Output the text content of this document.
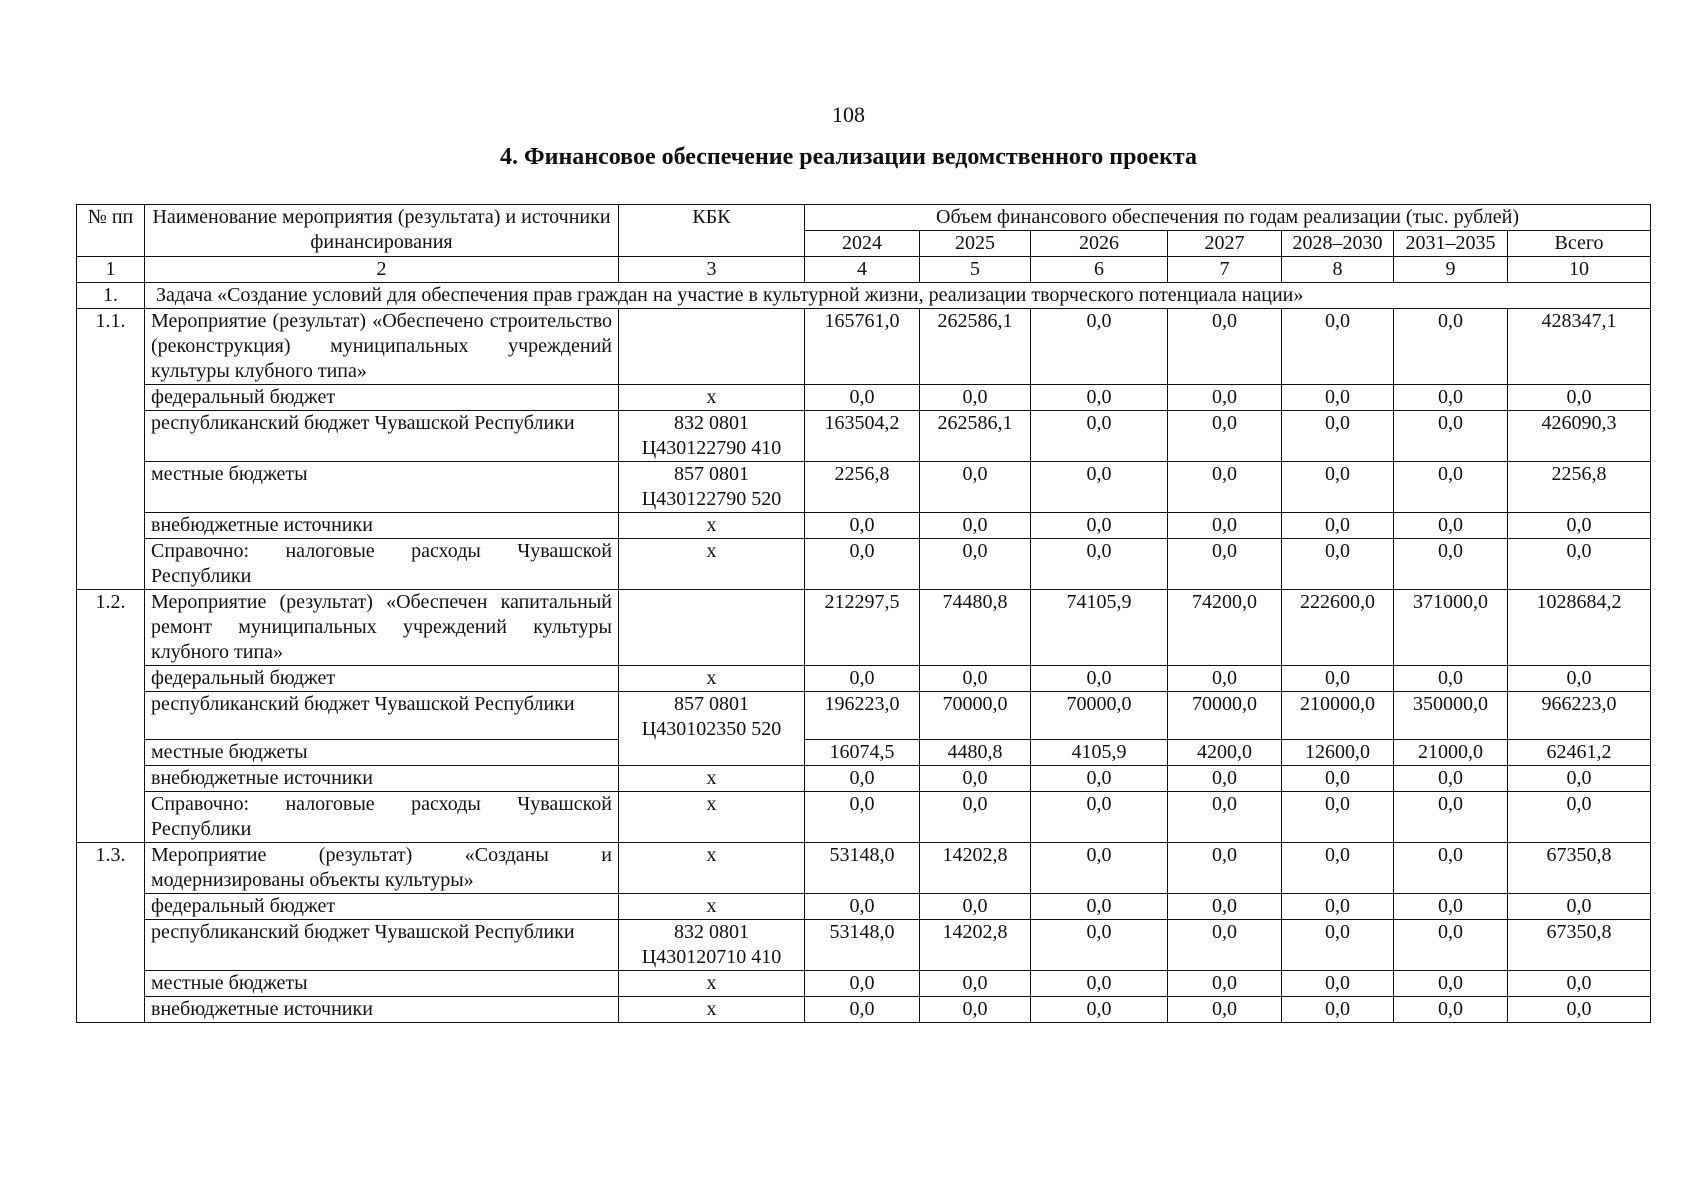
108
4. Финансовое обеспечение реализации ведомственного проекта
№ пп	Наименование мероприятия (результата) и источники финансирования	КБК	Объем финансового обеспечения по годам реализации (тыс. рублей)						
			2024	2025	2026	2027	2028–2030	2031–2035	Всего
1	2	3	4	5	6	7	8	9	10
1.	Задача «Создание условий для обеспечения прав граждан на участие в культурной жизни, реализации творческого потенциала нации»								
1.1.	Мероприятие (результат) «Обеспечено строительство (реконструкция) муниципальных учреждений культуры клубного типа»		165761,0	262586,1	0,0	0,0	0,0	0,0	428347,1
	федеральный бюджет	x	0,0	0,0	0,0	0,0	0,0	0,0	0,0
	республиканский бюджет Чувашской Республики	832 0801 Ц430122790 410	163504,2	262586,1	0,0	0,0	0,0	0,0	426090,3
	местные бюджеты	857 0801 Ц430122790 520	2256,8	0,0	0,0	0,0	0,0	0,0	2256,8
	внебюджетные источники	x	0,0	0,0	0,0	0,0	0,0	0,0	0,0
	Справочно: налоговые расходы Чувашской Республики	x	0,0	0,0	0,0	0,0	0,0	0,0	0,0
1.2.	Мероприятие (результат) «Обеспечен капитальный ремонт муниципальных учреждений культуры клубного типа»		212297,5	74480,8	74105,9	74200,0	222600,0	371000,0	1028684,2
	федеральный бюджет	x	0,0	0,0	0,0	0,0	0,0	0,0	0,0
	республиканский бюджет Чувашской Республики	857 0801 Ц430102350 520	196223,0	70000,0	70000,0	70000,0	210000,0	350000,0	966223,0
	местные бюджеты		16074,5	4480,8	4105,9	4200,0	12600,0	21000,0	62461,2
	внебюджетные источники	x	0,0	0,0	0,0	0,0	0,0	0,0	0,0
	Справочно: налоговые расходы Чувашской Республики	x	0,0	0,0	0,0	0,0	0,0	0,0	0,0
1.3.	Мероприятие (результат) «Созданы и модернизированы объекты культуры»	x	53148,0	14202,8	0,0	0,0	0,0	0,0	67350,8
	федеральный бюджет	x	0,0	0,0	0,0	0,0	0,0	0,0	0,0
	республиканский бюджет Чувашской Республики	832 0801 Ц430120710 410	53148,0	14202,8	0,0	0,0	0,0	0,0	67350,8
	местные бюджеты	x	0,0	0,0	0,0	0,0	0,0	0,0	0,0
	внебюджетные источники	x	0,0	0,0	0,0	0,0	0,0	0,0	0,0
